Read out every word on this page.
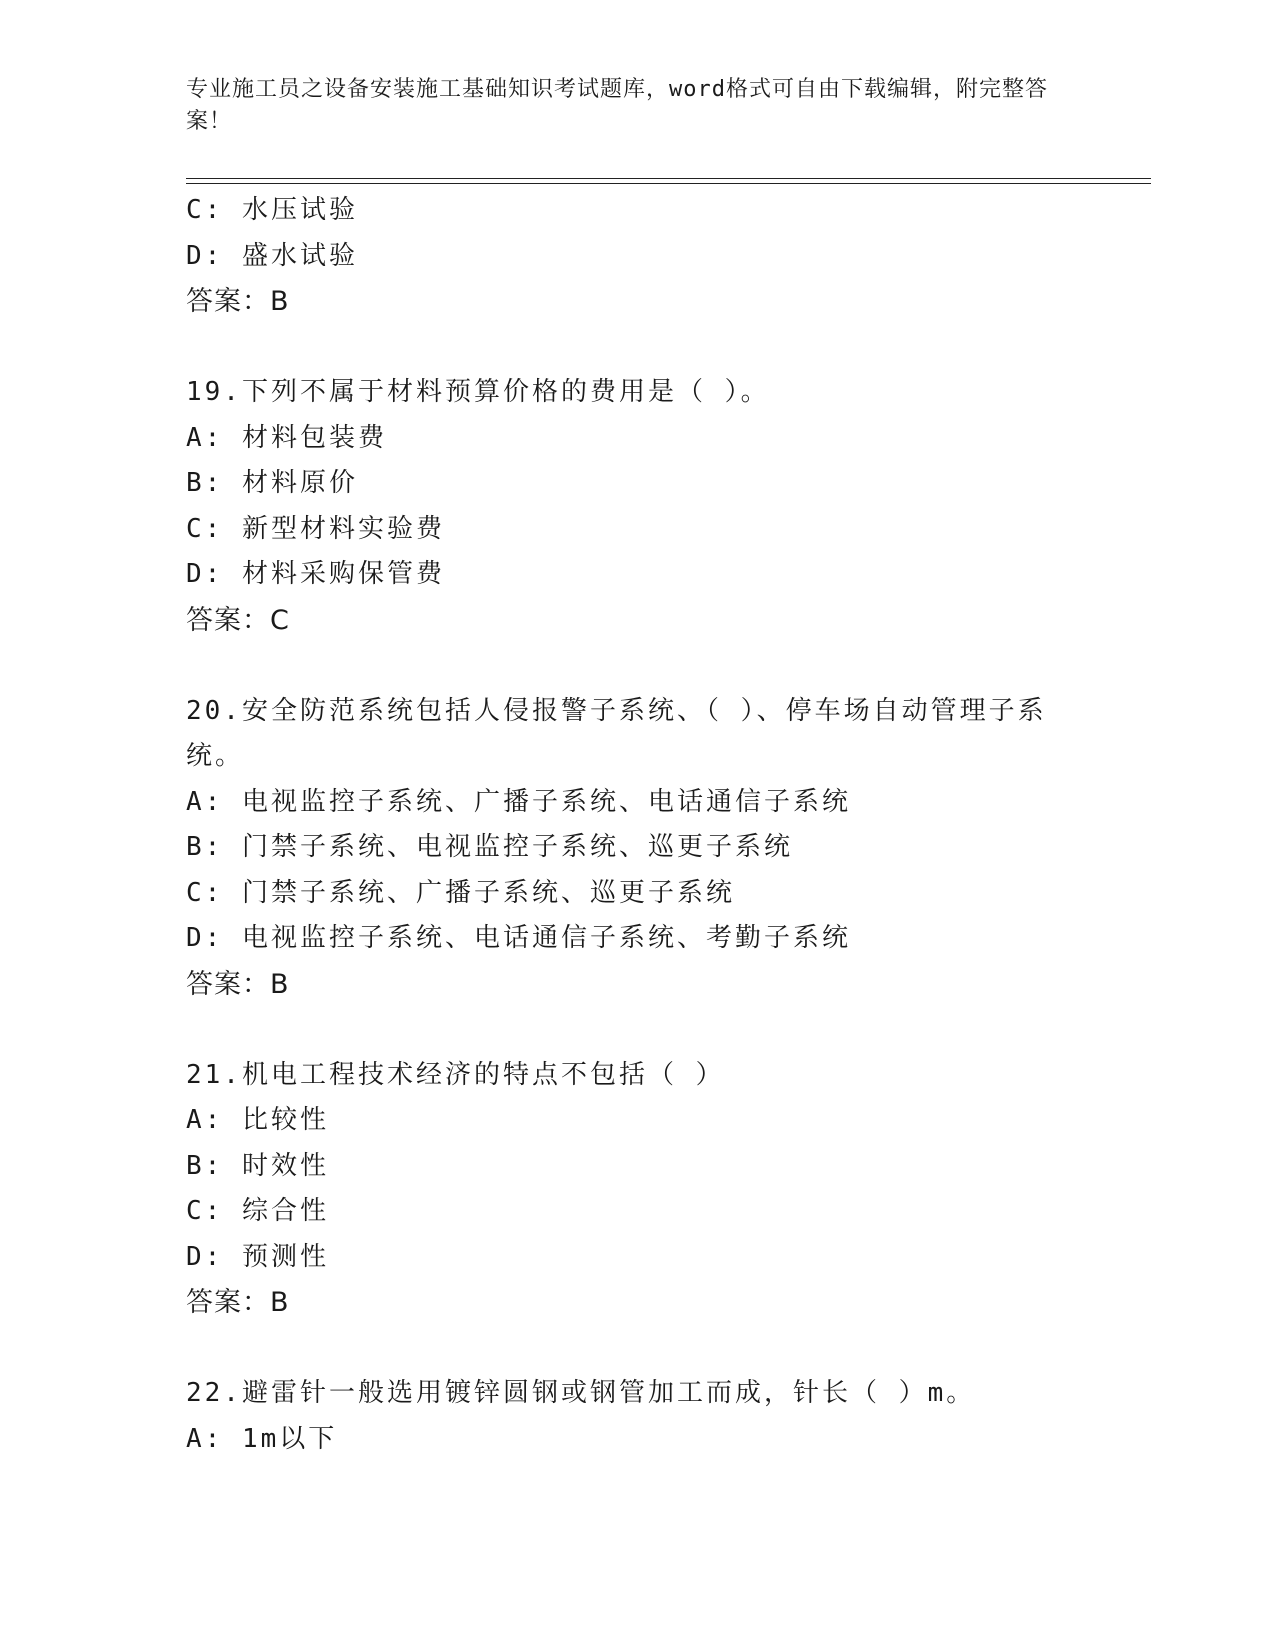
专业施工员之设备安装施工基础知识考试题库，word格式可自由下载编辑，附完整答案！
C: 水压试验
D: 盛水试验
答案：B
19.下列不属于材料预算价格的费用是（ ）。
A: 材料包装费
B: 材料原价
C: 新型材料实验费
D: 材料采购保管费
答案：C
20.安全防范系统包括人侵报警子系统、（ ）、停车场自动管理子系统。
A: 电视监控子系统、广播子系统、电话通信子系统
B: 门禁子系统、电视监控子系统、巡更子系统
C: 门禁子系统、广播子系统、巡更子系统
D: 电视监控子系统、电话通信子系统、考勤子系统
答案：B
21.机电工程技术经济的特点不包括（ ）
A: 比较性
B: 时效性
C: 综合性
D: 预测性
答案：B
22.避雷针一般选用镀锌圆钢或钢管加工而成，针长（ ）m。
A: 1m以下
